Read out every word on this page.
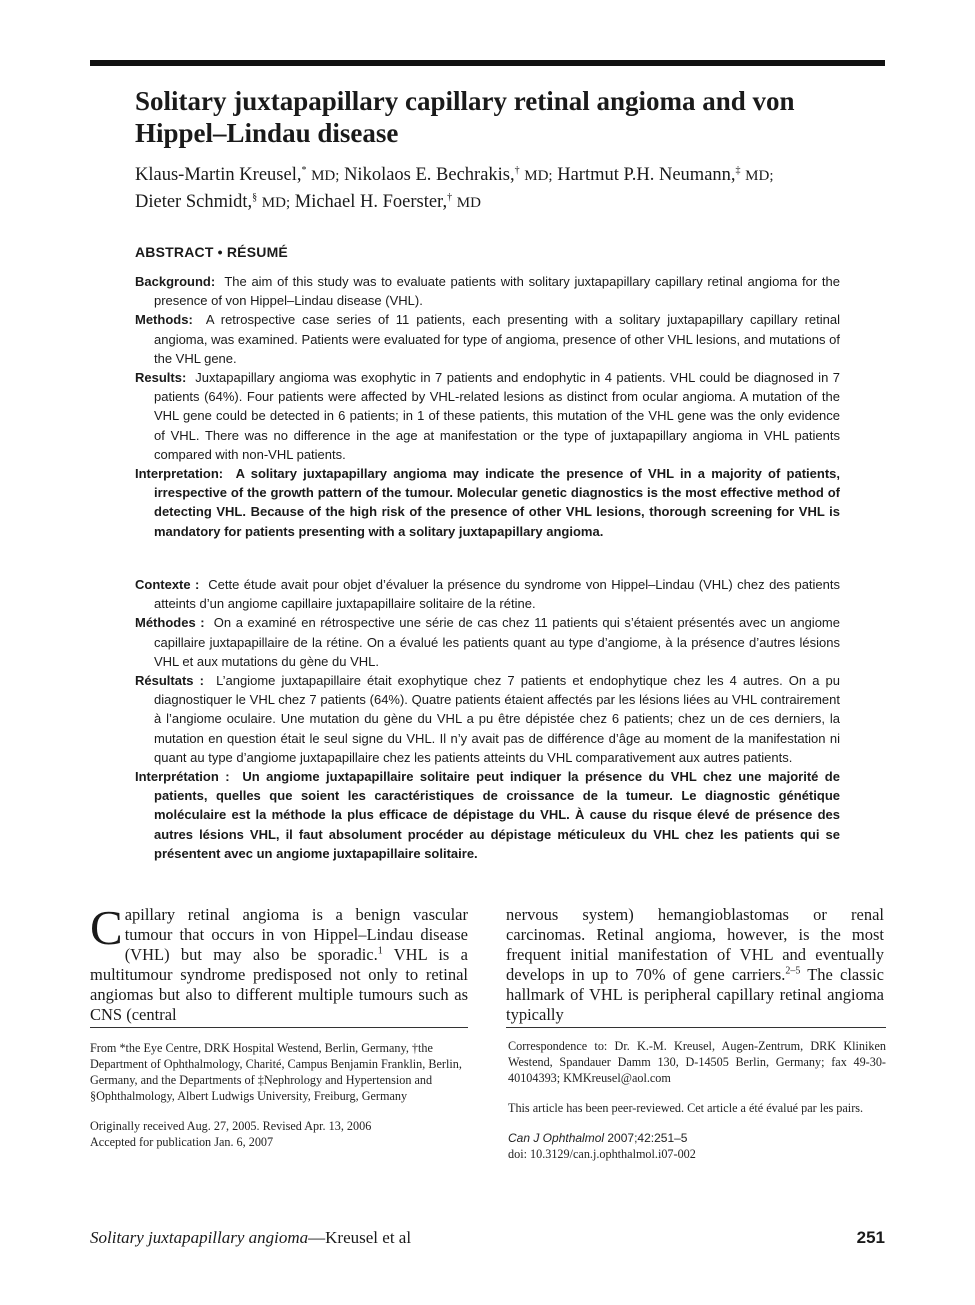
Solitary juxtapapillary capillary retinal angioma and von Hippel–Lindau disease
Klaus-Martin Kreusel,* MD; Nikolaos E. Bechrakis,† MD; Hartmut P.H. Neumann,‡ MD;
Dieter Schmidt,§ MD; Michael H. Foerster,† MD
ABSTRACT • RÉSUMÉ

Background: The aim of this study was to evaluate patients with solitary juxtapapillary capillary retinal angioma for the presence of von Hippel–Lindau disease (VHL).

Methods: A retrospective case series of 11 patients, each presenting with a solitary juxtapapillary capillary retinal angioma, was examined. Patients were evaluated for type of angioma, presence of other VHL lesions, and mutations of the VHL gene.

Results: Juxtapapillary angioma was exophytic in 7 patients and endophytic in 4 patients. VHL could be diagnosed in 7 patients (64%). Four patients were affected by VHL-related lesions as distinct from ocular angioma. A mutation of the VHL gene could be detected in 6 patients; in 1 of these patients, this mutation of the VHL gene was the only evidence of VHL. There was no difference in the age at manifestation or the type of juxtapapillary angioma in VHL patients compared with non-VHL patients.

Interpretation: A solitary juxtapapillary angioma may indicate the presence of VHL in a majority of patients, irrespective of the growth pattern of the tumour. Molecular genetic diagnostics is the most effective method of detecting VHL. Because of the high risk of the presence of other VHL lesions, thorough screening for VHL is mandatory for patients presenting with a solitary juxtapapillary angioma.

Contexte : Cette étude avait pour objet d’évaluer la présence du syndrome von Hippel–Lindau (VHL) chez des patients atteints d’un angiome capillaire juxtapapillaire solitaire de la rétine.

Méthodes : On a examiné en rétrospective une série de cas chez 11 patients qui s’étaient présentés avec un angiome capillaire juxtapapillaire de la rétine. On a évalué les patients quant au type d’angiome, à la présence d’autres lésions VHL et aux mutations du gène du VHL.

Résultats : L’angiome juxtapapillaire était exophytique chez 7 patients et endophytique chez les 4 autres. On a pu diagnostiquer le VHL chez 7 patients (64%). Quatre patients étaient affectés par les lésions liées au VHL contrairement à l’angiome oculaire. Une mutation du gène du VHL a pu être dépistée chez 6 patients; chez un de ces derniers, la mutation en question était le seul signe du VHL. Il n’y avait pas de différence d’âge au moment de la manifestation ni quant au type d’angiome juxtapapillaire chez les patients atteints du VHL comparativement aux autres patients.

Interprétation : Un angiome juxtapapillaire solitaire peut indiquer la présence du VHL chez une majorité de patients, quelles que soient les caractéristiques de croissance de la tumeur. Le diagnostic génétique moléculaire est la méthode la plus efficace de dépistage du VHL. À cause du risque élevé de présence des autres lésions VHL, il faut absolument procéder au dépistage méticuleux du VHL chez les patients qui se présentent avec un angiome juxtapapillaire solitaire.

Capillary retinal angioma is a benign vascular tumour that occurs in von Hippel–Lindau disease (VHL) but may also be sporadic.$^1$ VHL is a multitumour syndrome predisposed not only to retinal angiomas but also to different multiple tumours such as CNS (central

nervous system) hemangioblastomas or renal carcinomas. Retinal angioma, however, is the most frequent initial manifestation of VHL and eventually develops in up to 70% of gene carriers.$^{2-5}$ The classic hallmark of VHL is peripheral capillary retinal angioma typically

From *the Eye Centre, DRK Hospital Westend, Berlin, Germany, †the Department of Ophthalmology, Charité, Campus Benjamin Franklin, Berlin, Germany, and the Departments of ‡Nephrology and Hypertension and §Ophthalmology, Albert Ludwigs University, Freiburg, Germany

Originally received Aug. 27, 2005. Revised Apr. 13, 2006

Accepted for publication Jan. 6, 2007

Correspondence to: Dr. K.-M. Kreusel, Augen-Zentrum, DRK Kliniken Westend, Spandauer Damm 130, D-14505 Berlin, Germany; fax 49-30-40104393; KMKreusel@aol.com

This article has been peer-reviewed. Cet article a été évalué par les pairs.

Can J Ophthalmol 2007;42:251–5

doi: 10.3129/can.j.ophthalmol.i07-002

Solitary juxtapapillary angioma—Kreusel et al	251
